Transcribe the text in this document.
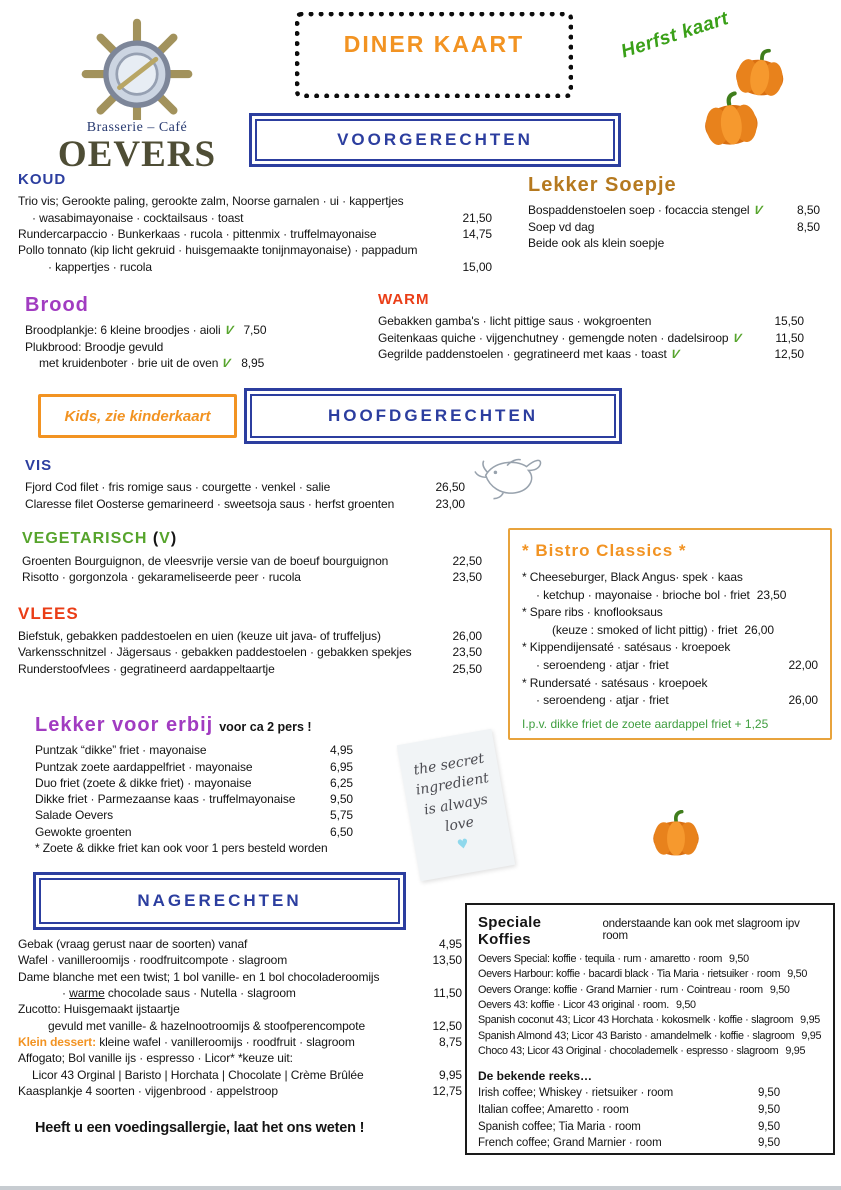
Brasserie – Café
OEVERS
DINER KAART	Herfst kaart
VOORGERECHTEN
KOUD
Trio vis; Gerookte paling, gerookte zalm, Noorse garnalen · ui · kappertjes
· wasabimayonaise · cocktailsaus · toast	21,50
Rundercarpaccio · Bunkerkaas · rucola · pittenmix · truffelmayonaise	14,75
Pollo tonnato (kip licht gekruid · huisgemaakte tonijnmayonaise) · pappadum
· kappertjes · rucola	15,00
Lekker Soepje
Bospaddenstoelen soep · focaccia stengel V	8,50
Soep vd dag	8,50
Beide ook als klein soepje
Brood
Broodplankje: 6 kleine broodjes · aioli V 7,50
Plukbrood: Broodje gevuld
met kruidenboter · brie uit de oven V 8,95
WARM
Gebakken gamba's · licht pittige saus · wokgroenten	15,50
Geitenkaas quiche · vijgenchutney · gemengde noten · dadelsiroop V	11,50
Gegrilde paddenstoelen · gegratineerd met kaas · toast V	12,50
Kids, zie kinderkaart	HOOFDGERECHTEN
VIS
Fjord Cod filet · fris romige saus · courgette · venkel · salie	26,50
Claresse filet Oosterse gemarineerd · sweetsoja saus · herfst groenten	23,00
VEGETARISCH (V)
Groenten Bourguignon, de vleesvrije versie van de boeuf bourguignon	22,50
Risotto · gorgonzola · gekarameliseerde peer · rucola	23,50
VLEES
Biefstuk, gebakken paddestoelen en uien (keuze uit java- of truffeljus)	26,00
Varkensschnitzel · Jägersaus · gebakken paddestoelen · gebakken spekjes	23,50
Runderstoofvlees · gegratineerd aardappeltaartje	25,50
* Bistro Classics *
* Cheeseburger, Black Angus· spek · kaas
· ketchup · mayonaise · brioche bol · friet 23,50
* Spare ribs · knoflooksaus
(keuze : smoked of licht pittig) · friet 26,00
* Kippendijensaté · satésaus · kroepoek
· seroendeng · atjar · friet	22,00
* Rundersaté · satésaus · kroepoek
· seroendeng · atjar · friet	26,00
I.p.v. dikke friet de zoete aardappel friet + 1,25
Lekker voor erbij voor ca 2 pers !
Puntzak “dikke” friet · mayonaise	4,95
Puntzak zoete aardappelfriet · mayonaise	6,95
Duo friet (zoete & dikke friet) · mayonaise	6,25
Dikke friet · Parmezaanse kaas · truffelmayonaise	9,50
Salade Oevers	5,75
Gewokte groenten	6,50
* Zoete & dikke friet kan ook voor 1 pers besteld worden
the secret
ingredient
is always
love
♥
NAGERECHTEN
Gebak (vraag gerust naar de soorten) vanaf	4,95
Wafel · vanilleroomijs · roodfruitcompote · slagroom	13,50
Dame blanche met een twist; 1 bol vanille- en 1 bol chocoladeroomijs
· warme chocolade saus · Nutella · slagroom	11,50
Zucotto: Huisgemaakt ijstaartje
gevuld met vanille- & hazelnootroomijs & stoofperencompote	12,50
Klein dessert: kleine wafel · vanilleroomijs · roodfruit · slagroom	8,75
Affogato; Bol vanille ijs · espresso · Licor* *keuze uit:
Licor 43 Orginal | Baristo | Horchata | Chocolate | Crème Brûlée	9,95
Kaasplankje 4 soorten · vijgenbrood · appelstroop	12,75
Speciale Koffies
onderstaande kan ook met slagroom ipv room
Oevers Special: koffie · tequila · rum · amaretto · room 9,50
Oevers Harbour: koffie · bacardi black · Tia Maria · rietsuiker · room 9,50
Oevers Orange: koffie · Grand Marnier · rum · Cointreau · room 9,50
Oevers 43: koffie · Licor 43 original · room. 9,50
Spanish coconut 43; Licor 43 Horchata · kokosmelk · koffie · slagroom 9,95
Spanish Almond 43; Licor 43 Baristo · amandelmelk · koffie · slagroom 9,95
Choco 43; Licor 43 Original · chocolademelk · espresso · slagroom 9,95
De bekende reeks…
Irish coffee; Whiskey · rietsuiker · room	9,50
Italian coffee; Amaretto · room	9,50
Spanish coffee; Tia Maria · room	9,50
French coffee; Grand Marnier · room	9,50
Heeft u een voedingsallergie, laat het ons weten !
